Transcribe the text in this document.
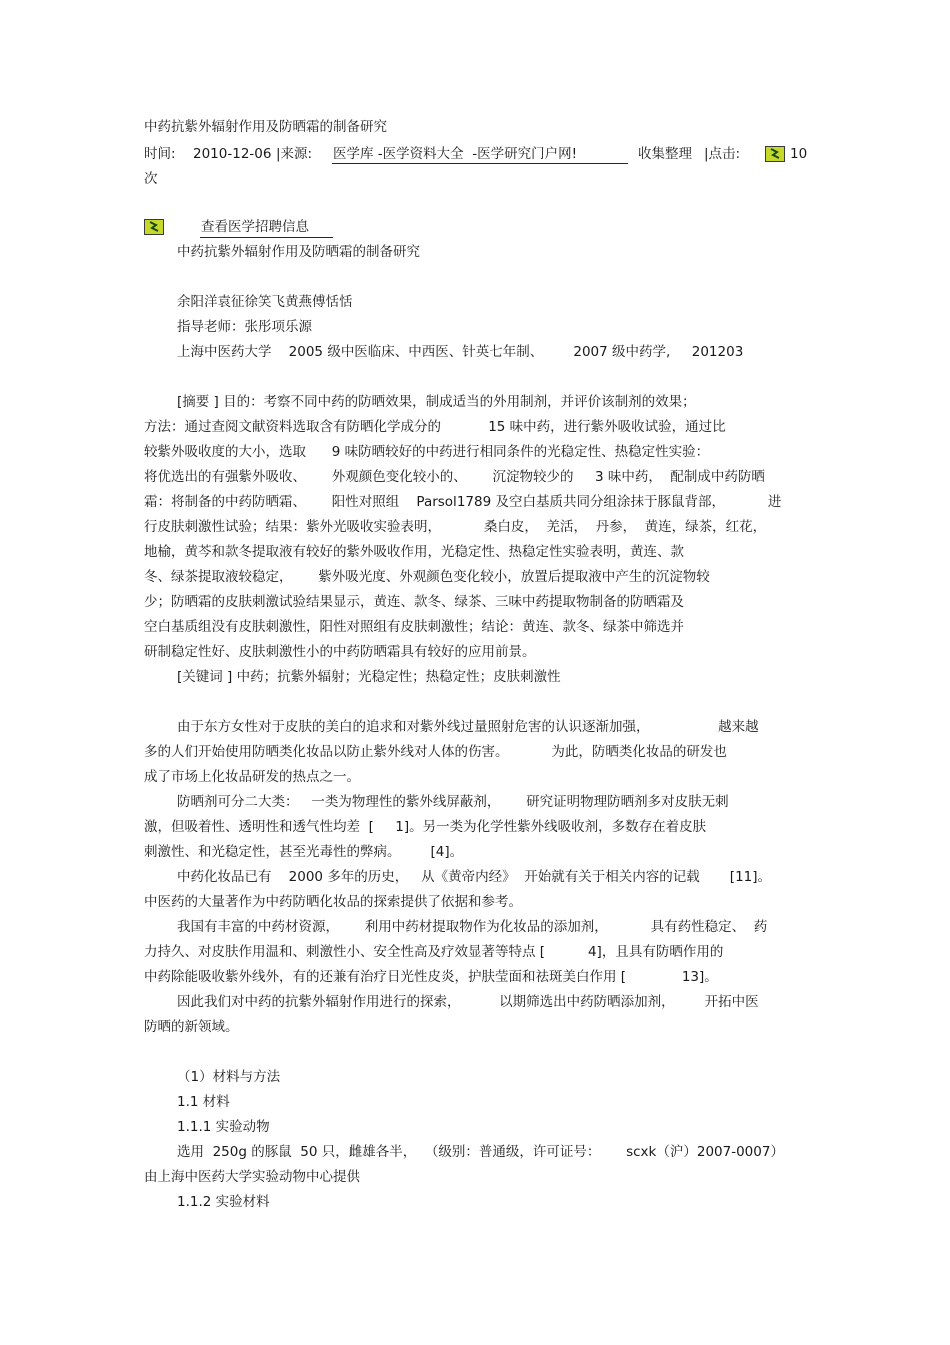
中药抗紫外辐射作用及防晒霜的制备研究
时间: 2010-12-06 |来源: 医学库 -医学资料大全  -医学研究门户网!	收集整理 |点击:	10
次
查看医学招聘信息
中药抗紫外辐射作用及防晒霜的制备研究
余阳洋袁征徐笑飞黄燕傅恬恬
指导老师：张彤项乐源
上海中医药大学    2005 级中医临床、中西医、针英七年制、       2007 级中药学,     201203
[摘要 ] 目的：考察不同中药的防晒效果，制成适当的外用制剂，并评价该制剂的效果；
方法：通过查阅文献资料选取含有防晒化学成分的           15 味中药，进行紫外吸收试验，通过比
较紫外吸收度的大小，选取      9 味防晒较好的中药进行相同条件的光稳定性、热稳定性实验：
将优选出的有强紫外吸收、      外观颜色变化较小的、      沉淀物较少的     3 味中药，  配制成中药防晒
霜：将制备的中药防晒霜、      阳性对照组    Parsol1789 及空白基质共同分组涂抹于豚鼠背部，          进
行皮肤刺激性试验；结果：紫外光吸收实验表明，          桑白皮，  羌活，  丹参，  黄连，绿茶，红花，
地榆，黄芩和款冬提取液有较好的紫外吸收作用，光稳定性、热稳定性实验表明，黄连、款
冬、绿茶提取液较稳定，      紫外吸光度、外观颜色变化较小，放置后提取液中产生的沉淀物较
少；防晒霜的皮肤刺激试验结果显示，黄连、款冬、绿茶、三味中药提取物制备的防晒霜及
空白基质组没有皮肤刺激性，阳性对照组有皮肤刺激性；结论：黄连、款冬、绿茶中筛选并
研制稳定性好、皮肤刺激性小的中药防晒霜具有较好的应用前景。
[关键词 ] 中药；抗紫外辐射；光稳定性；热稳定性；皮肤刺激性
由于东方女性对于皮肤的美白的追求和对紫外线过量照射危害的认识逐渐加强，                越来越
多的人们开始使用防晒类化妆品以防止紫外线对人体的伤害。          为此，防晒类化妆品的研发也
成了市场上化妆品研发的热点之一。
防晒剂可分二大类：   一类为物理性的紫外线屏蔽剂，      研究证明物理防晒剂多对皮肤无刺
激，但吸着性、透明性和透气性均差  [     1]。另一类为化学性紫外线吸收剂，多数存在着皮肤
刺激性、和光稳定性，甚至光毒性的弊病。       [4]。
中药化妆品已有    2000 多年的历史，   从《黄帝内经》  开始就有关于相关内容的记载       [11]。
中医药的大量著作为中药防晒化妆品的探索提供了依据和参考。
我国有丰富的中药材资源，      利用中药材提取物作为化妆品的添加剂，          具有药性稳定、  药
力持久、对皮肤作用温和、刺激性小、安全性高及疗效显著等特点 [          4]，且具有防晒作用的
中药除能吸收紫外线外，有的还兼有治疗日光性皮炎，护肤莹面和祛斑美白作用 [             13]。
因此我们对中药的抗紫外辐射作用进行的探索，         以期筛选出中药防晒添加剂，       开拓中医
防晒的新领域。
（1）材料与方法
1.1 材料
1.1.1 实验动物
选用  250g 的豚鼠  50 只，雌雄各半，  （级别：普通级，许可证号：      scxk（沪）2007-0007）
由上海中医药大学实验动物中心提供
1.1.2 实验材料
